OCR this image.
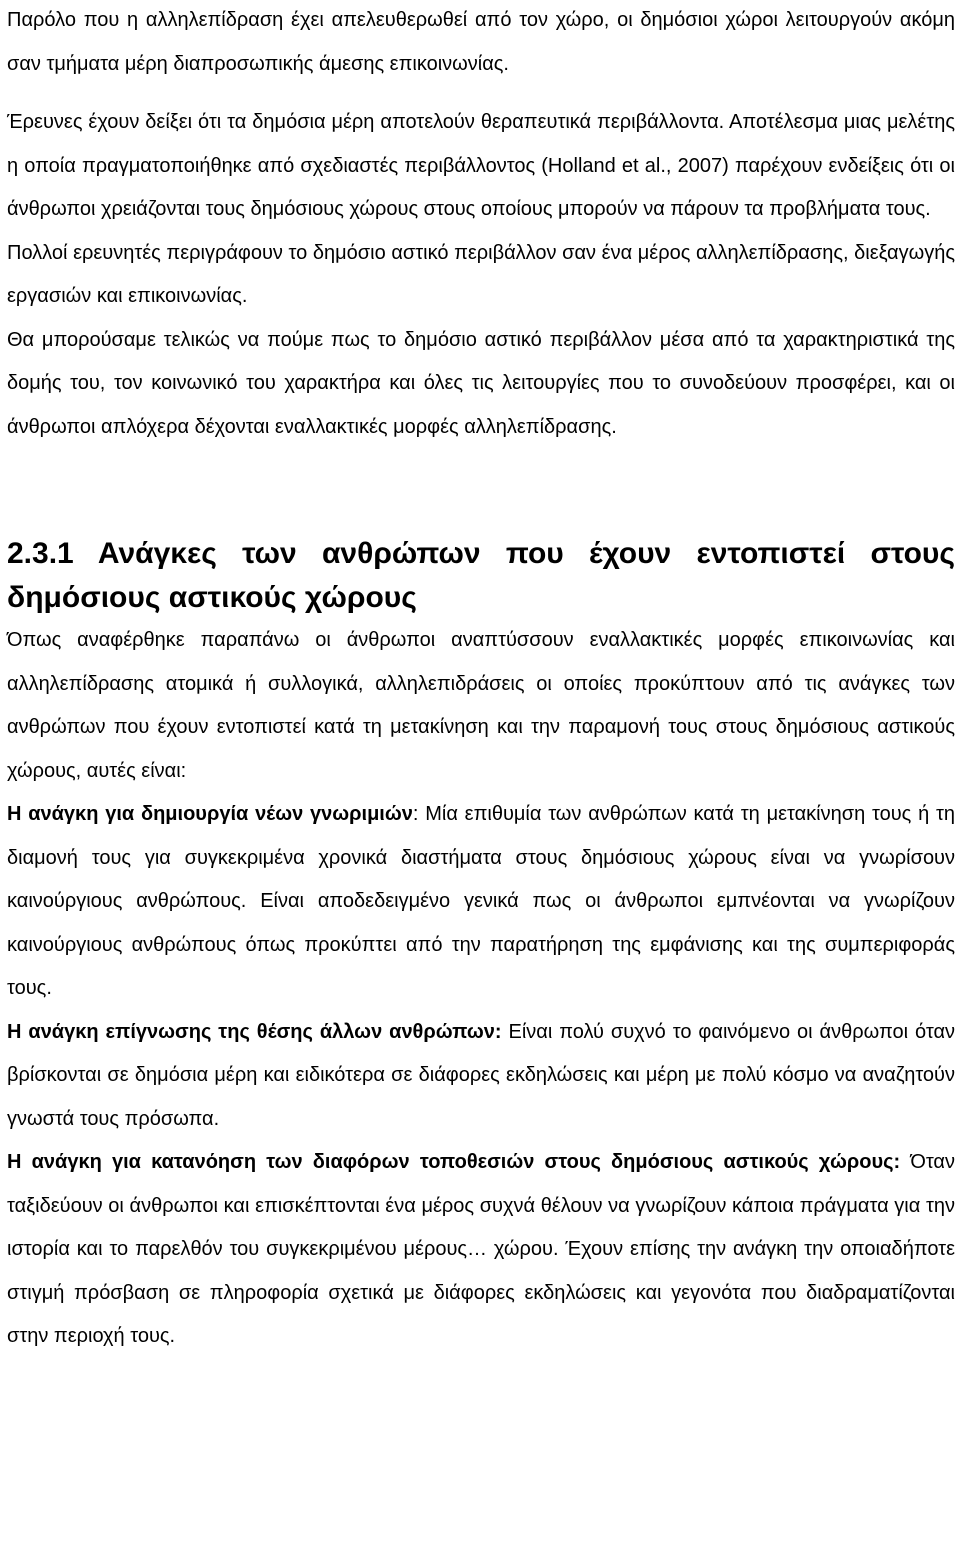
Παρόλο που η αλληλεπίδραση έχει απελευθερωθεί από τον χώρο, οι δημόσιοι χώροι λειτουργούν ακόμη σαν τμήματα μέρη διαπροσωπικής άμεσης επικοινωνίας.

Έρευνες έχουν δείξει ότι τα δημόσια μέρη αποτελούν θεραπευτικά περιβάλλοντα. Αποτέλεσμα μιας μελέτης η οποία πραγματοποιήθηκε από σχεδιαστές περιβάλλοντος (Holland et al., 2007) παρέχουν ενδείξεις ότι οι άνθρωποι χρειάζονται τους δημόσιους χώρους στους οποίους μπορούν να πάρουν τα προβλήματα τους.

Πολλοί ερευνητές περιγράφουν το δημόσιο αστικό περιβάλλον σαν ένα μέρος αλληλεπίδρασης, διεξαγωγής εργασιών και επικοινωνίας.

Θα μπορούσαμε τελικώς να πούμε πως το δημόσιο αστικό περιβάλλον μέσα από τα χαρακτηριστικά της δομής του, τον κοινωνικό του χαρακτήρα και όλες τις λειτουργίες που το συνοδεύουν προσφέρει, και οι άνθρωποι απλόχερα δέχονται εναλλακτικές μορφές αλληλεπίδρασης.

2.3.1 Ανάγκες των ανθρώπων που έχουν εντοπιστεί στους δημόσιους αστικούς χώρους

Όπως αναφέρθηκε παραπάνω οι άνθρωποι αναπτύσσουν εναλλακτικές μορφές επικοινωνίας και αλληλεπίδρασης ατομικά ή συλλογικά, αλληλεπιδράσεις οι οποίες προκύπτουν από τις ανάγκες των ανθρώπων που έχουν εντοπιστεί κατά τη μετακίνηση και την παραμονή τους στους δημόσιους αστικούς χώρους, αυτές είναι:

Η ανάγκη για δημιουργία νέων γνωριμιών: Μία επιθυμία των ανθρώπων κατά τη μετακίνηση τους ή τη διαμονή τους για συγκεκριμένα χρονικά διαστήματα στους δημόσιους χώρους είναι να γνωρίσουν καινούργιους ανθρώπους. Είναι αποδεδειγμένο γενικά πως οι άνθρωποι εμπνέονται να γνωρίζουν καινούργιους ανθρώπους όπως προκύπτει από την παρατήρηση της εμφάνισης και της συμπεριφοράς τους.

Η ανάγκη επίγνωσης της θέσης άλλων ανθρώπων: Είναι πολύ συχνό το φαινόμενο οι άνθρωποι όταν βρίσκονται σε δημόσια μέρη και ειδικότερα σε διάφορες εκδηλώσεις και μέρη με πολύ κόσμο να αναζητούν γνωστά τους πρόσωπα.

Η ανάγκη για κατανόηση των διαφόρων τοποθεσιών στους δημόσιους αστικούς χώρους: Όταν ταξιδεύουν οι άνθρωποι και επισκέπτονται ένα μέρος συχνά θέλουν να γνωρίζουν κάποια πράγματα για την ιστορία και το παρελθόν του συγκεκριμένου μέρους… χώρου. Έχουν επίσης την ανάγκη την οποιαδήποτε στιγμή πρόσβαση σε πληροφορία σχετικά με διάφορες εκδηλώσεις και γεγονότα που διαδραματίζονται στην περιοχή τους.
